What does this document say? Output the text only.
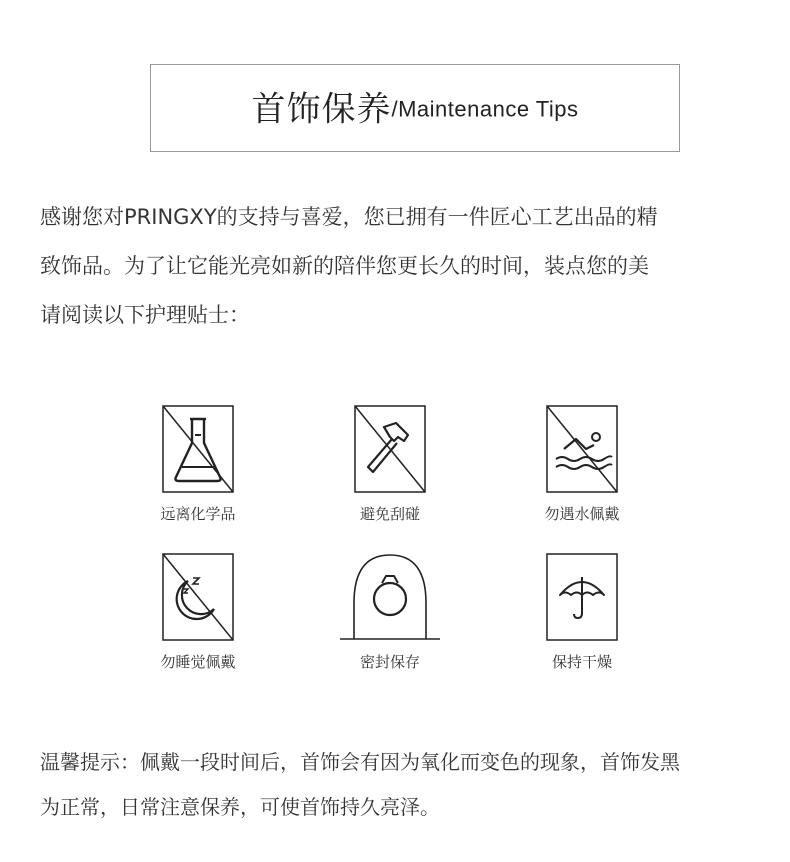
首饰保养/Maintenance Tips

感谢您对PRINGXY的支持与喜爱，您已拥有一件匠心工艺出品的精
致饰品。为了让它能光亮如新的陪伴您更长久的时间，装点您的美
请阅读以下护理贴士：

远离化学品	避免刮碰	勿遇水佩戴
勿睡觉佩戴	密封保存	保持干燥

温馨提示：佩戴一段时间后，首饰会有因为氧化而变色的现象，首饰发黑
为正常，日常注意保养，可使首饰持久亮泽。
